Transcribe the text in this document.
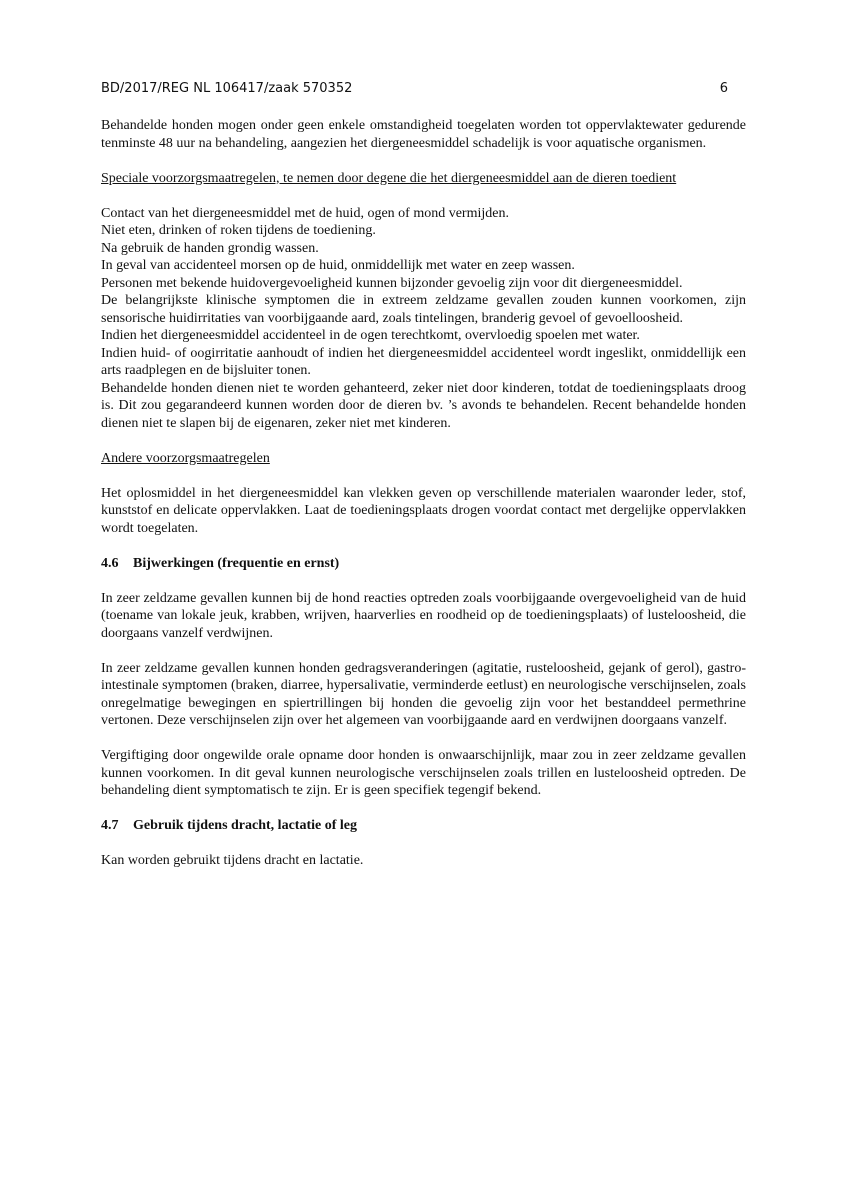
BD/2017/REG NL 106417/zaak 570352	6

Behandelde honden mogen onder geen enkele omstandigheid toegelaten worden tot oppervlaktewater gedurende tenminste 48 uur na behandeling, aangezien het diergeneesmiddel schadelijk is voor aquatische organismen.

Speciale voorzorgsmaatregelen, te nemen door degene die het diergeneesmiddel aan de dieren toedient

Contact van het diergeneesmiddel met de huid, ogen of mond vermijden.

Niet eten, drinken of roken tijdens de toediening.

Na gebruik de handen grondig wassen.

In geval van accidenteel morsen op de huid, onmiddellijk met water en zeep wassen.

Personen met bekende huidovergevoeligheid kunnen bijzonder gevoelig zijn voor dit diergeneesmiddel.

De belangrijkste klinische symptomen die in extreem zeldzame gevallen zouden kunnen voorkomen, zijn sensorische huidirritaties van voorbijgaande aard, zoals tintelingen, branderig gevoel of gevoelloosheid.

Indien het diergeneesmiddel accidenteel in de ogen terechtkomt, overvloedig spoelen met water.

Indien huid- of oogirritatie aanhoudt of indien het diergeneesmiddel accidenteel wordt ingeslikt, onmiddellijk een arts raadplegen en de bijsluiter tonen.

Behandelde honden dienen niet te worden gehanteerd, zeker niet door kinderen, totdat de toedieningsplaats droog is. Dit zou gegarandeerd kunnen worden door de dieren bv. ’s avonds te behandelen. Recent behandelde honden dienen niet te slapen bij de eigenaren, zeker niet met kinderen.

Andere voorzorgsmaatregelen

Het oplosmiddel in het diergeneesmiddel kan vlekken geven op verschillende materialen waaronder leder, stof, kunststof en delicate oppervlakken. Laat de toedieningsplaats drogen voordat contact met dergelijke oppervlakken wordt toegelaten.

4.6 Bijwerkingen (frequentie en ernst)

In zeer zeldzame gevallen kunnen bij de hond reacties optreden zoals voorbijgaande overgevoeligheid van de huid (toename van lokale jeuk, krabben, wrijven, haarverlies en roodheid op de toedieningsplaats) of lusteloosheid, die doorgaans vanzelf verdwijnen.

In zeer zeldzame gevallen kunnen honden gedragsveranderingen (agitatie, rusteloosheid, gejank of gerol), gastro-intestinale symptomen (braken, diarree, hypersalivatie, verminderde eetlust) en neurologische verschijnselen, zoals onregelmatige bewegingen en spiertrillingen bij honden die gevoelig zijn voor het bestanddeel permethrine vertonen. Deze verschijnselen zijn over het algemeen van voorbijgaande aard en verdwijnen doorgaans vanzelf.

Vergiftiging door ongewilde orale opname door honden is onwaarschijnlijk, maar zou in zeer zeldzame gevallen kunnen voorkomen. In dit geval kunnen neurologische verschijnselen zoals trillen en lusteloosheid optreden. De behandeling dient symptomatisch te zijn. Er is geen specifiek tegengif bekend.

4.7 Gebruik tijdens dracht, lactatie of leg

Kan worden gebruikt tijdens dracht en lactatie.
